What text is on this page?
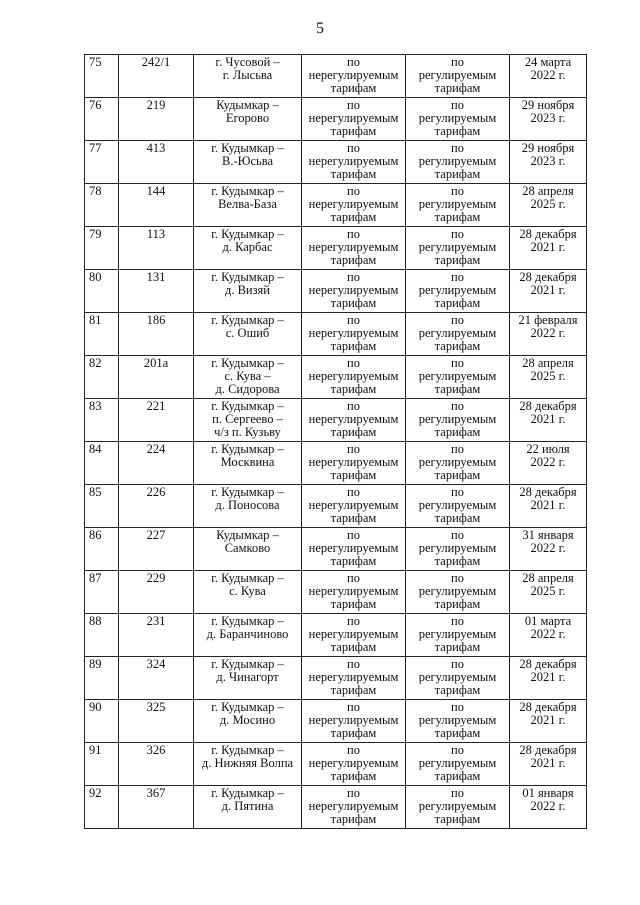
5
75	242/1	г. Чусовой –
г. Лысьва	по
нерегулируемым
тарифам	по
регулируемым
тарифам	24 марта
2022 г.

76	219	Кудымкар –
Егорово	по
нерегулируемым
тарифам	по
регулируемым
тарифам	29 ноября
2023 г.

77	413	г. Кудымкар –
В.-Юсьва	по
нерегулируемым
тарифам	по
регулируемым
тарифам	29 ноября
2023 г.

78	144	г. Кудымкар –
Велва-База	по
нерегулируемым
тарифам	по
регулируемым
тарифам	28 апреля
2025 г.

79	113	г. Кудымкар –
д. Карбас	по
нерегулируемым
тарифам	по
регулируемым
тарифам	28 декабря
2021 г.

80	131	г. Кудымкар –
д. Визяй	по
нерегулируемым
тарифам	по
регулируемым
тарифам	28 декабря
2021 г.

81	186	г. Кудымкар –
с. Ошиб	по
нерегулируемым
тарифам	по
регулируемым
тарифам	21 февраля
2022 г.

82	201а	г. Кудымкар –
с. Кува –
д. Сидорова	по
нерегулируемым
тарифам	по
регулируемым
тарифам	28 апреля
2025 г.

83	221	г. Кудымкар –
п. Сергеево –
ч/з п. Кузьву	по
нерегулируемым
тарифам	по
регулируемым
тарифам	28 декабря
2021 г.

84	224	г. Кудымкар –
Москвина	по
нерегулируемым
тарифам	по
регулируемым
тарифам	22 июля
2022 г.

85	226	г. Кудымкар –
д. Поносова	по
нерегулируемым
тарифам	по
регулируемым
тарифам	28 декабря
2021 г.

86	227	Кудымкар –
Самково	по
нерегулируемым
тарифам	по
регулируемым
тарифам	31 января
2022 г.

87	229	г. Кудымкар –
с. Кува	по
нерегулируемым
тарифам	по
регулируемым
тарифам	28 апреля
2025 г.

88	231	г. Кудымкар –
д. Баранчиново	по
нерегулируемым
тарифам	по
регулируемым
тарифам	01 марта
2022 г.

89	324	г. Кудымкар –
д. Чинагорт	по
нерегулируемым
тарифам	по
регулируемым
тарифам	28 декабря
2021 г.

90	325	г. Кудымкар –
д. Мосино	по
нерегулируемым
тарифам	по
регулируемым
тарифам	28 декабря
2021 г.

91	326	г. Кудымкар –
д. Нижняя Волпа	по
нерегулируемым
тарифам	по
регулируемым
тарифам	28 декабря
2021 г.

92	367	г. Кудымкар –
д. Пятина	по
нерегулируемым
тарифам	по
регулируемым
тарифам	01 января
2022 г.
